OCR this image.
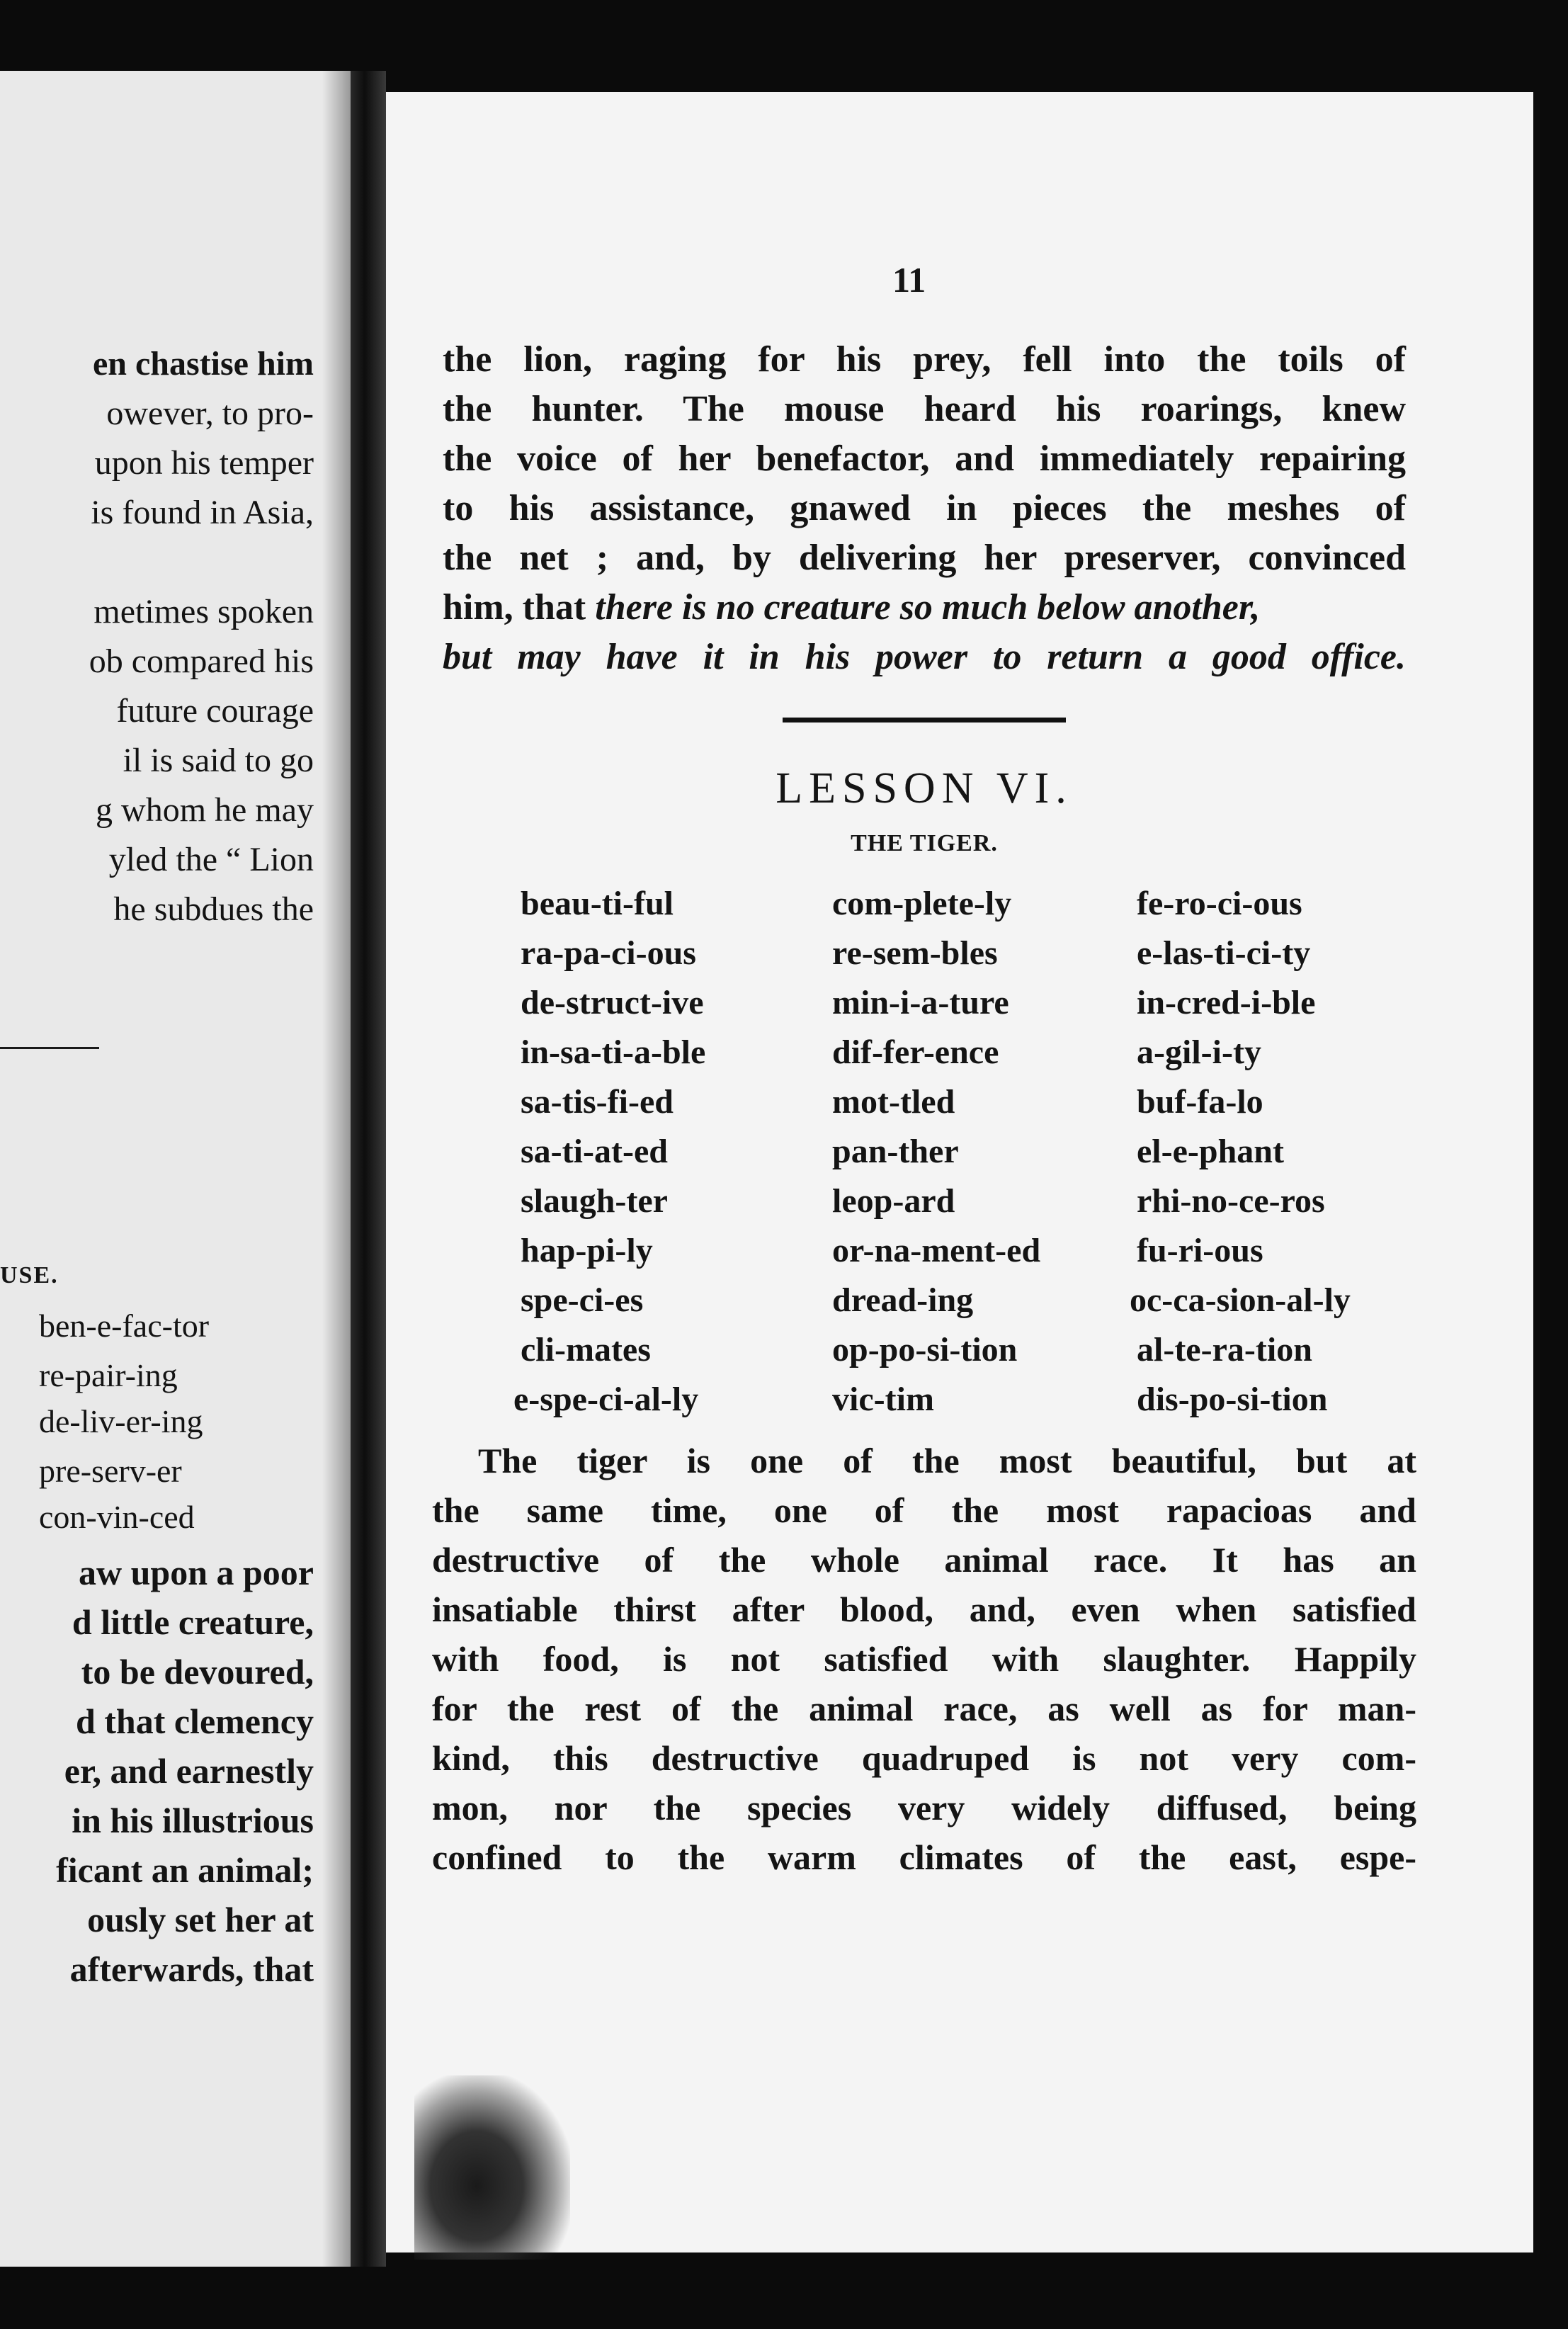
en chastise him
owever, to pro-
upon his temper
is found in Asia,
metimes spoken
ob compared his
future courage
il is said to go
g whom he may
yled the “ Lion
he subdues the
USE.
ben-e-fac-tor
re-pair-ing
de-liv-er-ing
pre-serv-er
con-vin-ced
aw upon a poor
d little creature,
to be devoured,
d that clemency
er, and earnestly
in his illustrious
ficant an animal;
ously set her at
afterwards, that
11
the lion, raging for his prey, fell into the toils of
the hunter. The mouse heard his roarings, knew
the voice of her benefactor, and immediately repairing
to his assistance, gnawed in pieces the meshes of
the net ; and, by delivering her preserver, convinced
him, that there is no creature so much below another,
but may have it in his power to return a good office.
LESSON VI.
THE TIGER.
beau-ti-ful
ra-pa-ci-ous
de-struct-ive
in-sa-ti-a-ble
sa-tis-fi-ed
sa-ti-at-ed
slaugh-ter
hap-pi-ly
spe-ci-es
cli-mates
e-spe-ci-al-ly
com-plete-ly
re-sem-bles
min-i-a-ture
dif-fer-ence
mot-tled
pan-ther
leop-ard
or-na-ment-ed
dread-ing
op-po-si-tion
vic-tim
fe-ro-ci-ous
e-las-ti-ci-ty
in-cred-i-ble
a-gil-i-ty
buf-fa-lo
el-e-phant
rhi-no-ce-ros
fu-ri-ous
oc-ca-sion-al-ly
al-te-ra-tion
dis-po-si-tion
The tiger is one of the most beautiful, but at
the same time, one of the most rapacioas and
destructive of the whole animal race. It has an
insatiable thirst after blood, and, even when satisfied
with food, is not satisfied with slaughter. Happily
for the rest of the animal race, as well as for man-
kind, this destructive quadruped is not very com-
mon, nor the species very widely diffused, being
confined to the warm climates of the east, espe-
